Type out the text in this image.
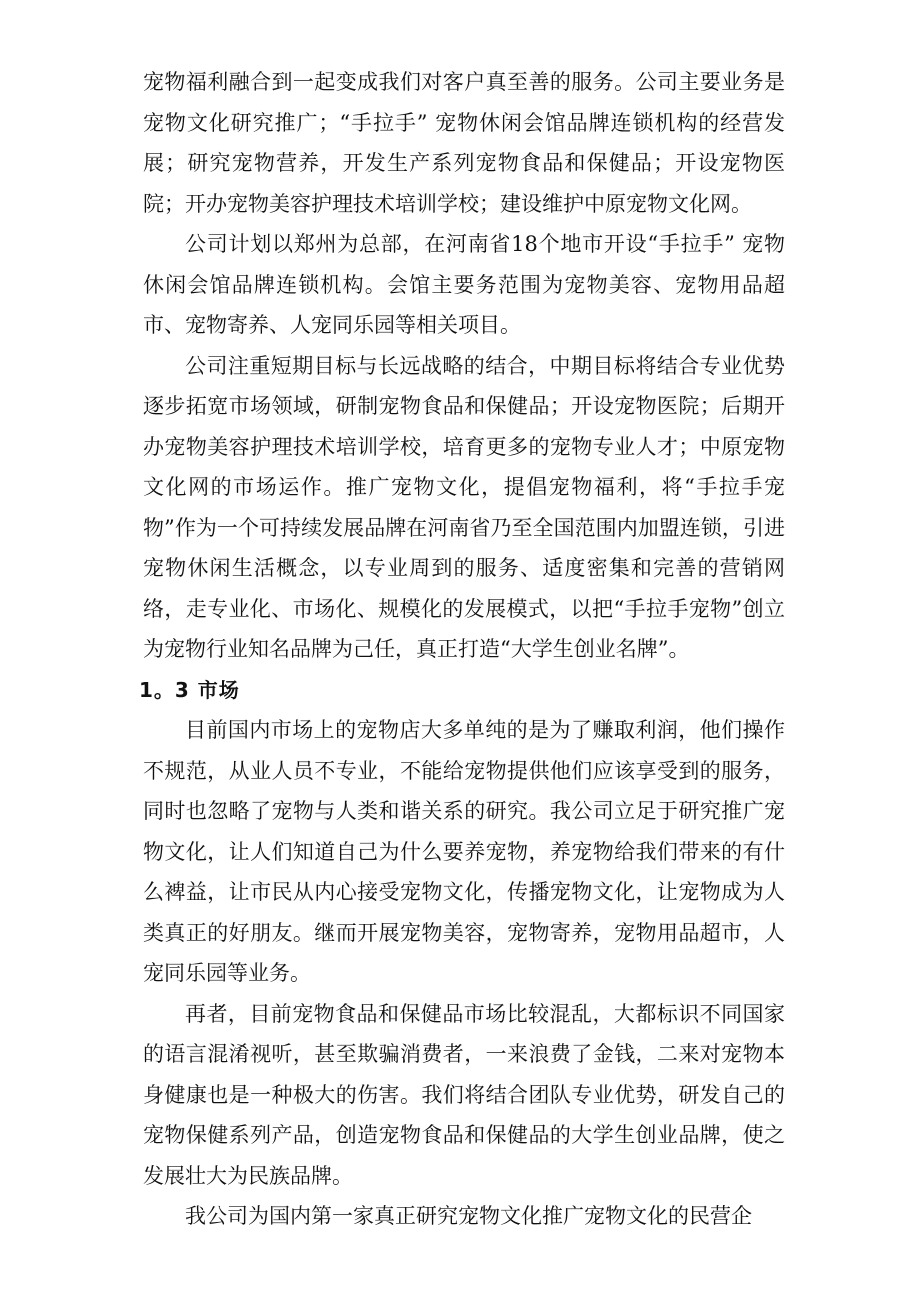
宠物福利融合到一起变成我们对客户真至善的服务。公司主要业务是宠物文化研究推广；“手拉手” 宠物休闲会馆品牌连锁机构的经营发展；研究宠物营养，开发生产系列宠物食品和保健品；开设宠物医院；开办宠物美容护理技术培训学校；建设维护中原宠物文化网。

公司计划以郑州为总部，在河南省18个地市开设“手拉手” 宠物休闲会馆品牌连锁机构。会馆主要务范围为宠物美容、宠物用品超市、宠物寄养、人宠同乐园等相关项目。

公司注重短期目标与长远战略的结合，中期目标将结合专业优势逐步拓宽市场领域，研制宠物食品和保健品；开设宠物医院；后期开办宠物美容护理技术培训学校，培育更多的宠物专业人才；中原宠物文化网的市场运作。推广宠物文化，提倡宠物福利，将“手拉手宠物”作为一个可持续发展品牌在河南省乃至全国范围内加盟连锁，引进宠物休闲生活概念，以专业周到的服务、适度密集和完善的营销网络，走专业化、市场化、规模化的发展模式，以把“手拉手宠物”创立为宠物行业知名品牌为己任，真正打造“大学生创业名牌”。

1。3 市场

目前国内市场上的宠物店大多单纯的是为了赚取利润，他们操作不规范，从业人员不专业，不能给宠物提供他们应该享受到的服务，同时也忽略了宠物与人类和谐关系的研究。我公司立足于研究推广宠物文化，让人们知道自己为什么要养宠物，养宠物给我们带来的有什么裨益，让市民从内心接受宠物文化，传播宠物文化，让宠物成为人类真正的好朋友。继而开展宠物美容，宠物寄养，宠物用品超市，人宠同乐园等业务。

再者，目前宠物食品和保健品市场比较混乱，大都标识不同国家的语言混淆视听，甚至欺骗消费者，一来浪费了金钱，二来对宠物本身健康也是一种极大的伤害。我们将结合团队专业优势，研发自己的宠物保健系列产品，创造宠物食品和保健品的大学生创业品牌，使之发展壮大为民族品牌。

我公司为国内第一家真正研究宠物文化推广宠物文化的民营企
